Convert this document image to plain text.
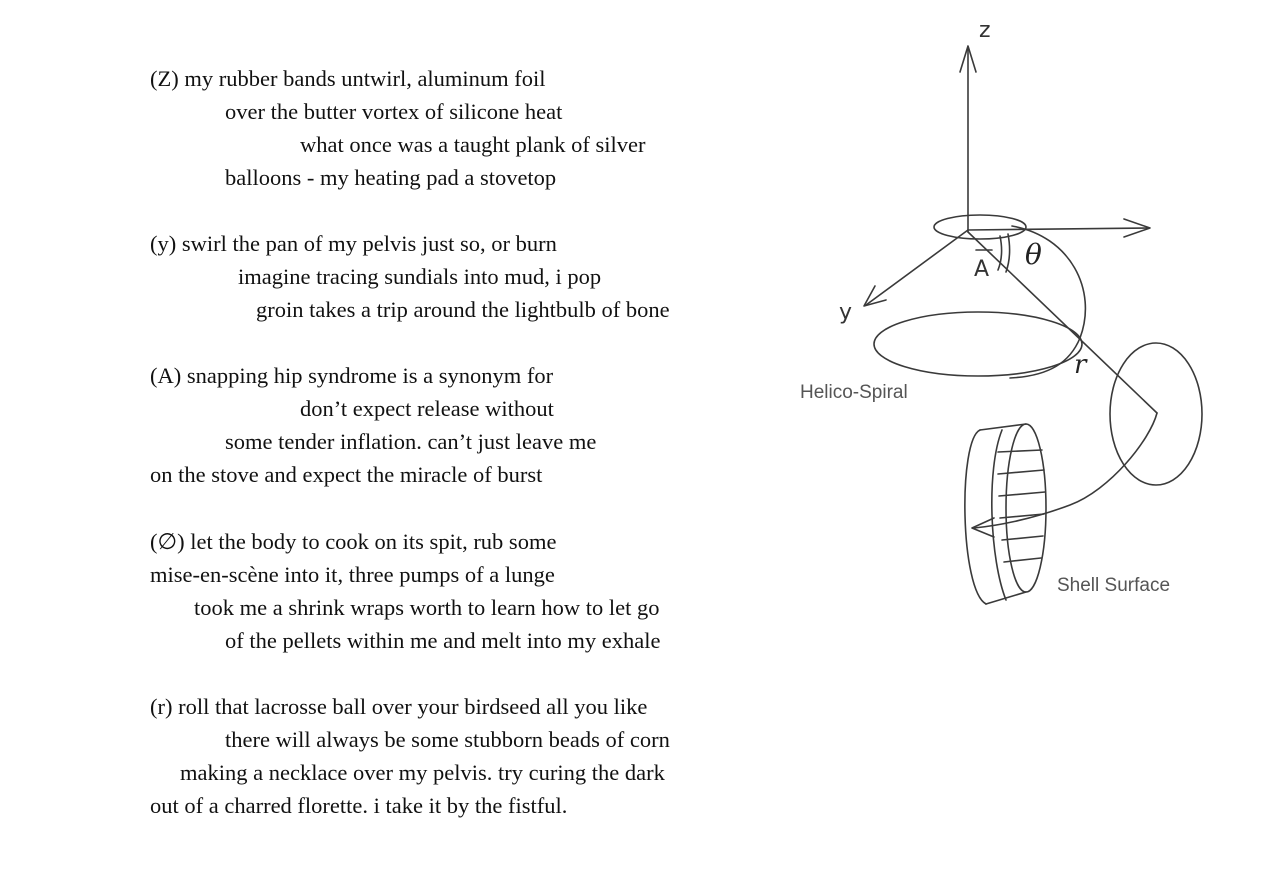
(Z) my rubber bands untwirl, aluminum foil
over the butter vortex of silicone heat
what once was a taught plank of silver
balloons - my heating pad a stovetop
(y) swirl the pan of my pelvis just so, or burn
imagine tracing sundials into mud, i pop
groin takes a trip around the lightbulb of bone
(A) snapping hip syndrome is a synonym for
don’t expect release without
some tender inflation. can’t just leave me
on the stove and expect the miracle of burst
(∅) let the body to cook on its spit, rub some
mise-en-scène into it, three pumps of a lunge
took me a shrink wraps worth to learn how to let go
of the pellets within me and melt into my exhale
(r) roll that lacrosse ball over your birdseed all you like
there will always be some stubborn beads of corn
making a necklace over my pelvis. try curing the dark
out of a charred florette. i take it by the fistful.
z
y
A θ
r
Helico-Spiral
Shell Surface
